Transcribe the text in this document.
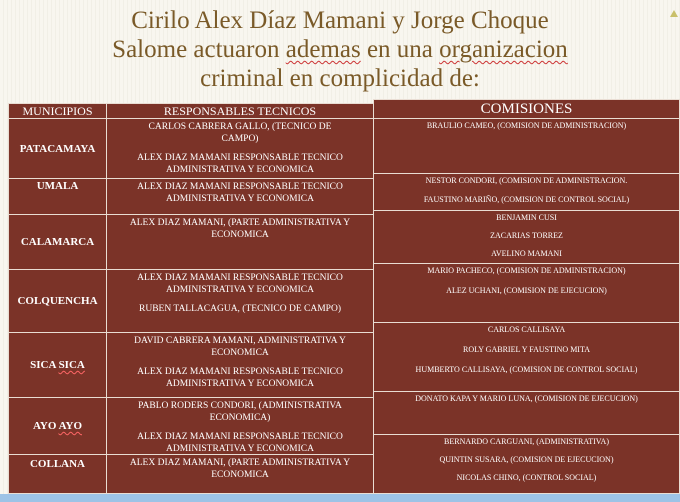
Cirilo Alex Díaz Mamani y Jorge Choque
Salome actuaron ademas en una organizacion
criminal en complicidad de:
MUNICIPIOS	RESPONSABLES TECNICOS	COMISIONES
PATACAMAYA
UMALA
CALAMARCA
COLQUENCHA
SICA SICA
AYO AYO
COLLANA

CARLOS CABRERA GALLO, (TECNICO DE CAMPO)

ALEX DIAZ MAMANI RESPONSABLE TECNICO ADMINISTRATIVA Y ECONOMICA

ALEX DIAZ MAMANI RESPONSABLE TECNICO ADMINISTRATIVA Y ECONOMICA

ALEX DIAZ MAMANI, (PARTE ADMINISTRATIVA Y ECONOMICA

ALEX DIAZ MAMANI RESPONSABLE TECNICO ADMINISTRATIVA Y ECONOMICA

RUBEN TALLACAGUA, (TECNICO DE CAMPO)

DAVID CABRERA MAMANI, ADMINISTRATIVA Y ECONOMICA

ALEX DIAZ MAMANI RESPONSABLE TECNICO ADMINISTRATIVA Y ECONOMICA

PABLO RODERS CONDORI, (ADMINISTRATIVA ECONOMICA)

ALEX DIAZ MAMANI RESPONSABLE TECNICO ADMINISTRATIVA Y ECONOMICA

ALEX DIAZ MAMANI, (PARTE ADMINISTRATIVA Y ECONOMICA

BRAULIO CAMEO, (COMISION DE ADMINISTRACION)

NESTOR CONDORI, (COMISION DE ADMINISTRACION.

FAUSTINO MARIÑO, (COMISION DE CONTROL SOCIAL)

BENJAMIN CUSI

ZACARIAS TORREZ

AVELINO MAMANI

MARIO PACHECO, (COMISION DE ADMINISTRACION)

ALEZ UCHANI, (COMISION DE EJECUCION)

CARLOS CALLISAYA

ROLY GABRIEL Y FAUSTINO MITA

HUMBERTO CALLISAYA, (COMISION DE CONTROL SOCIAL)

DONATO KAPA Y MARIO LUNA, (COMISION DE EJECUCION)

BERNARDO CARGUANI, (ADMINISTRATIVA)

QUINTIN SUSARA, (COMISION DE EJECUCION)

NICOLAS CHINO, (CONTROL SOCIAL)
